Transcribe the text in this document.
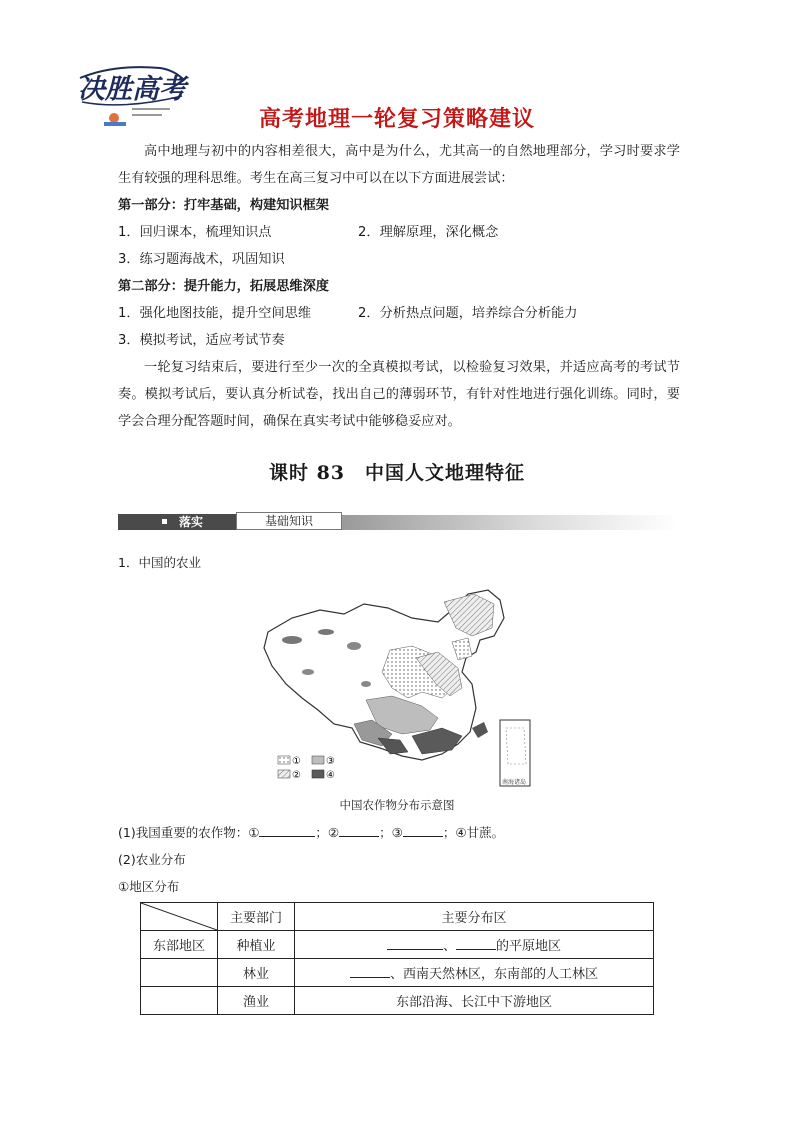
决胜高考
高考地理一轮复习策略建议

高中地理与初中的内容相差很大，高中是为什么，尤其高一的自然地理部分，学习时要求学生有较强的理科思维。考生在高三复习中可以在以下方面进展尝试：

第一部分：打牢基础，构建知识框架

1．回归课本，梳理知识点	2．理解原理，深化概念

3．练习题海战术，巩固知识

第二部分：提升能力，拓展思维深度

1．强化地图技能，提升空间思维	2．分析热点问题，培养综合分析能力

3．模拟考试，适应考试节奏

一轮复习结束后，要进行至少一次的全真模拟考试，以检验复习效果，并适应高考的考试节奏。模拟考试后，要认真分析试卷，找出自己的薄弱环节，有针对性地进行强化训练。同时，要学会合理分配答题时间，确保在真实考试中能够稳妥应对。

课时 83　中国人文地理特征
落实	基础知识
1．中国的农业
南海诸岛
①	③
②	④
中国农作物分布示意图
(1)我国重要的农作物：①	；②	；③	；④甘蔗。
(2)农业分布
①地区分布
	主要部门	主要分布区
东部地区	种植业	、 的平原地区
	林业	、西南天然林区，东南部的人工林区
	渔业	东部沿海、长江中下游地区
